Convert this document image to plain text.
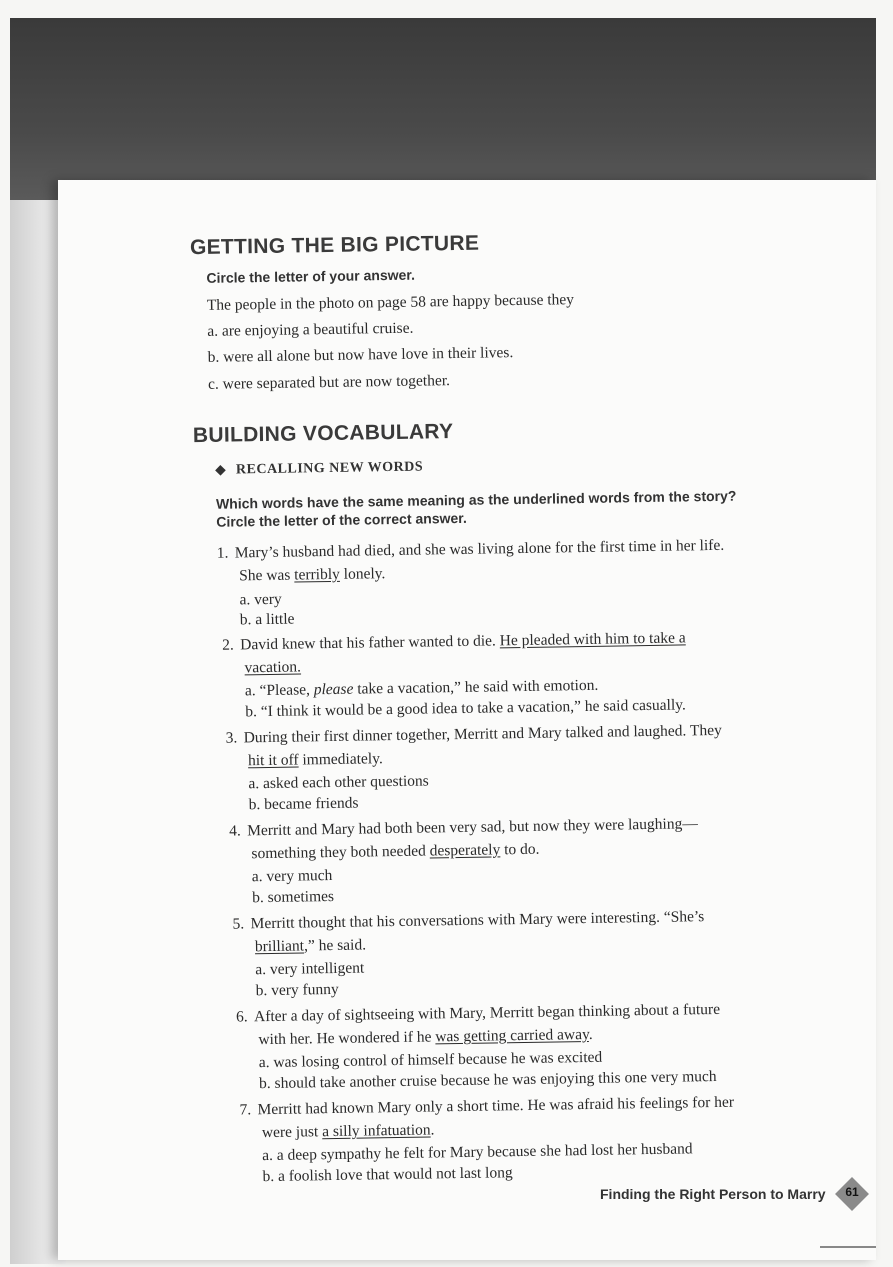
GETTING THE BIG PICTURE
Circle the letter of your answer.
The people in the photo on page 58 are happy because they
a. are enjoying a beautiful cruise.
b. were all alone but now have love in their lives.
c. were separated but are now together.
BUILDING VOCABULARY
◆ RECALLING NEW WORDS
Which words have the same meaning as the underlined words from the story?
Circle the letter of the correct answer.
1. Mary’s husband had died, and she was living alone for the first time in her life.
She was terribly lonely.
a. very
b. a little
2. David knew that his father wanted to die. He pleaded with him to take a
vacation.
a. “Please, please take a vacation,” he said with emotion.
b. “I think it would be a good idea to take a vacation,” he said casually.
3. During their first dinner together, Merritt and Mary talked and laughed. They
hit it off immediately.
a. asked each other questions
b. became friends
4. Merritt and Mary had both been very sad, but now they were laughing—
something they both needed desperately to do.
a. very much
b. sometimes
5. Merritt thought that his conversations with Mary were interesting. “She’s
brilliant,” he said.
a. very intelligent
b. very funny
6. After a day of sightseeing with Mary, Merritt began thinking about a future
with her. He wondered if he was getting carried away.
a. was losing control of himself because he was excited
b. should take another cruise because he was enjoying this one very much
7. Merritt had known Mary only a short time. He was afraid his feelings for her
were just a silly infatuation.
a. a deep sympathy he felt for Mary because she had lost her husband
b. a foolish love that would not last long
Finding the Right Person to Marry	61
